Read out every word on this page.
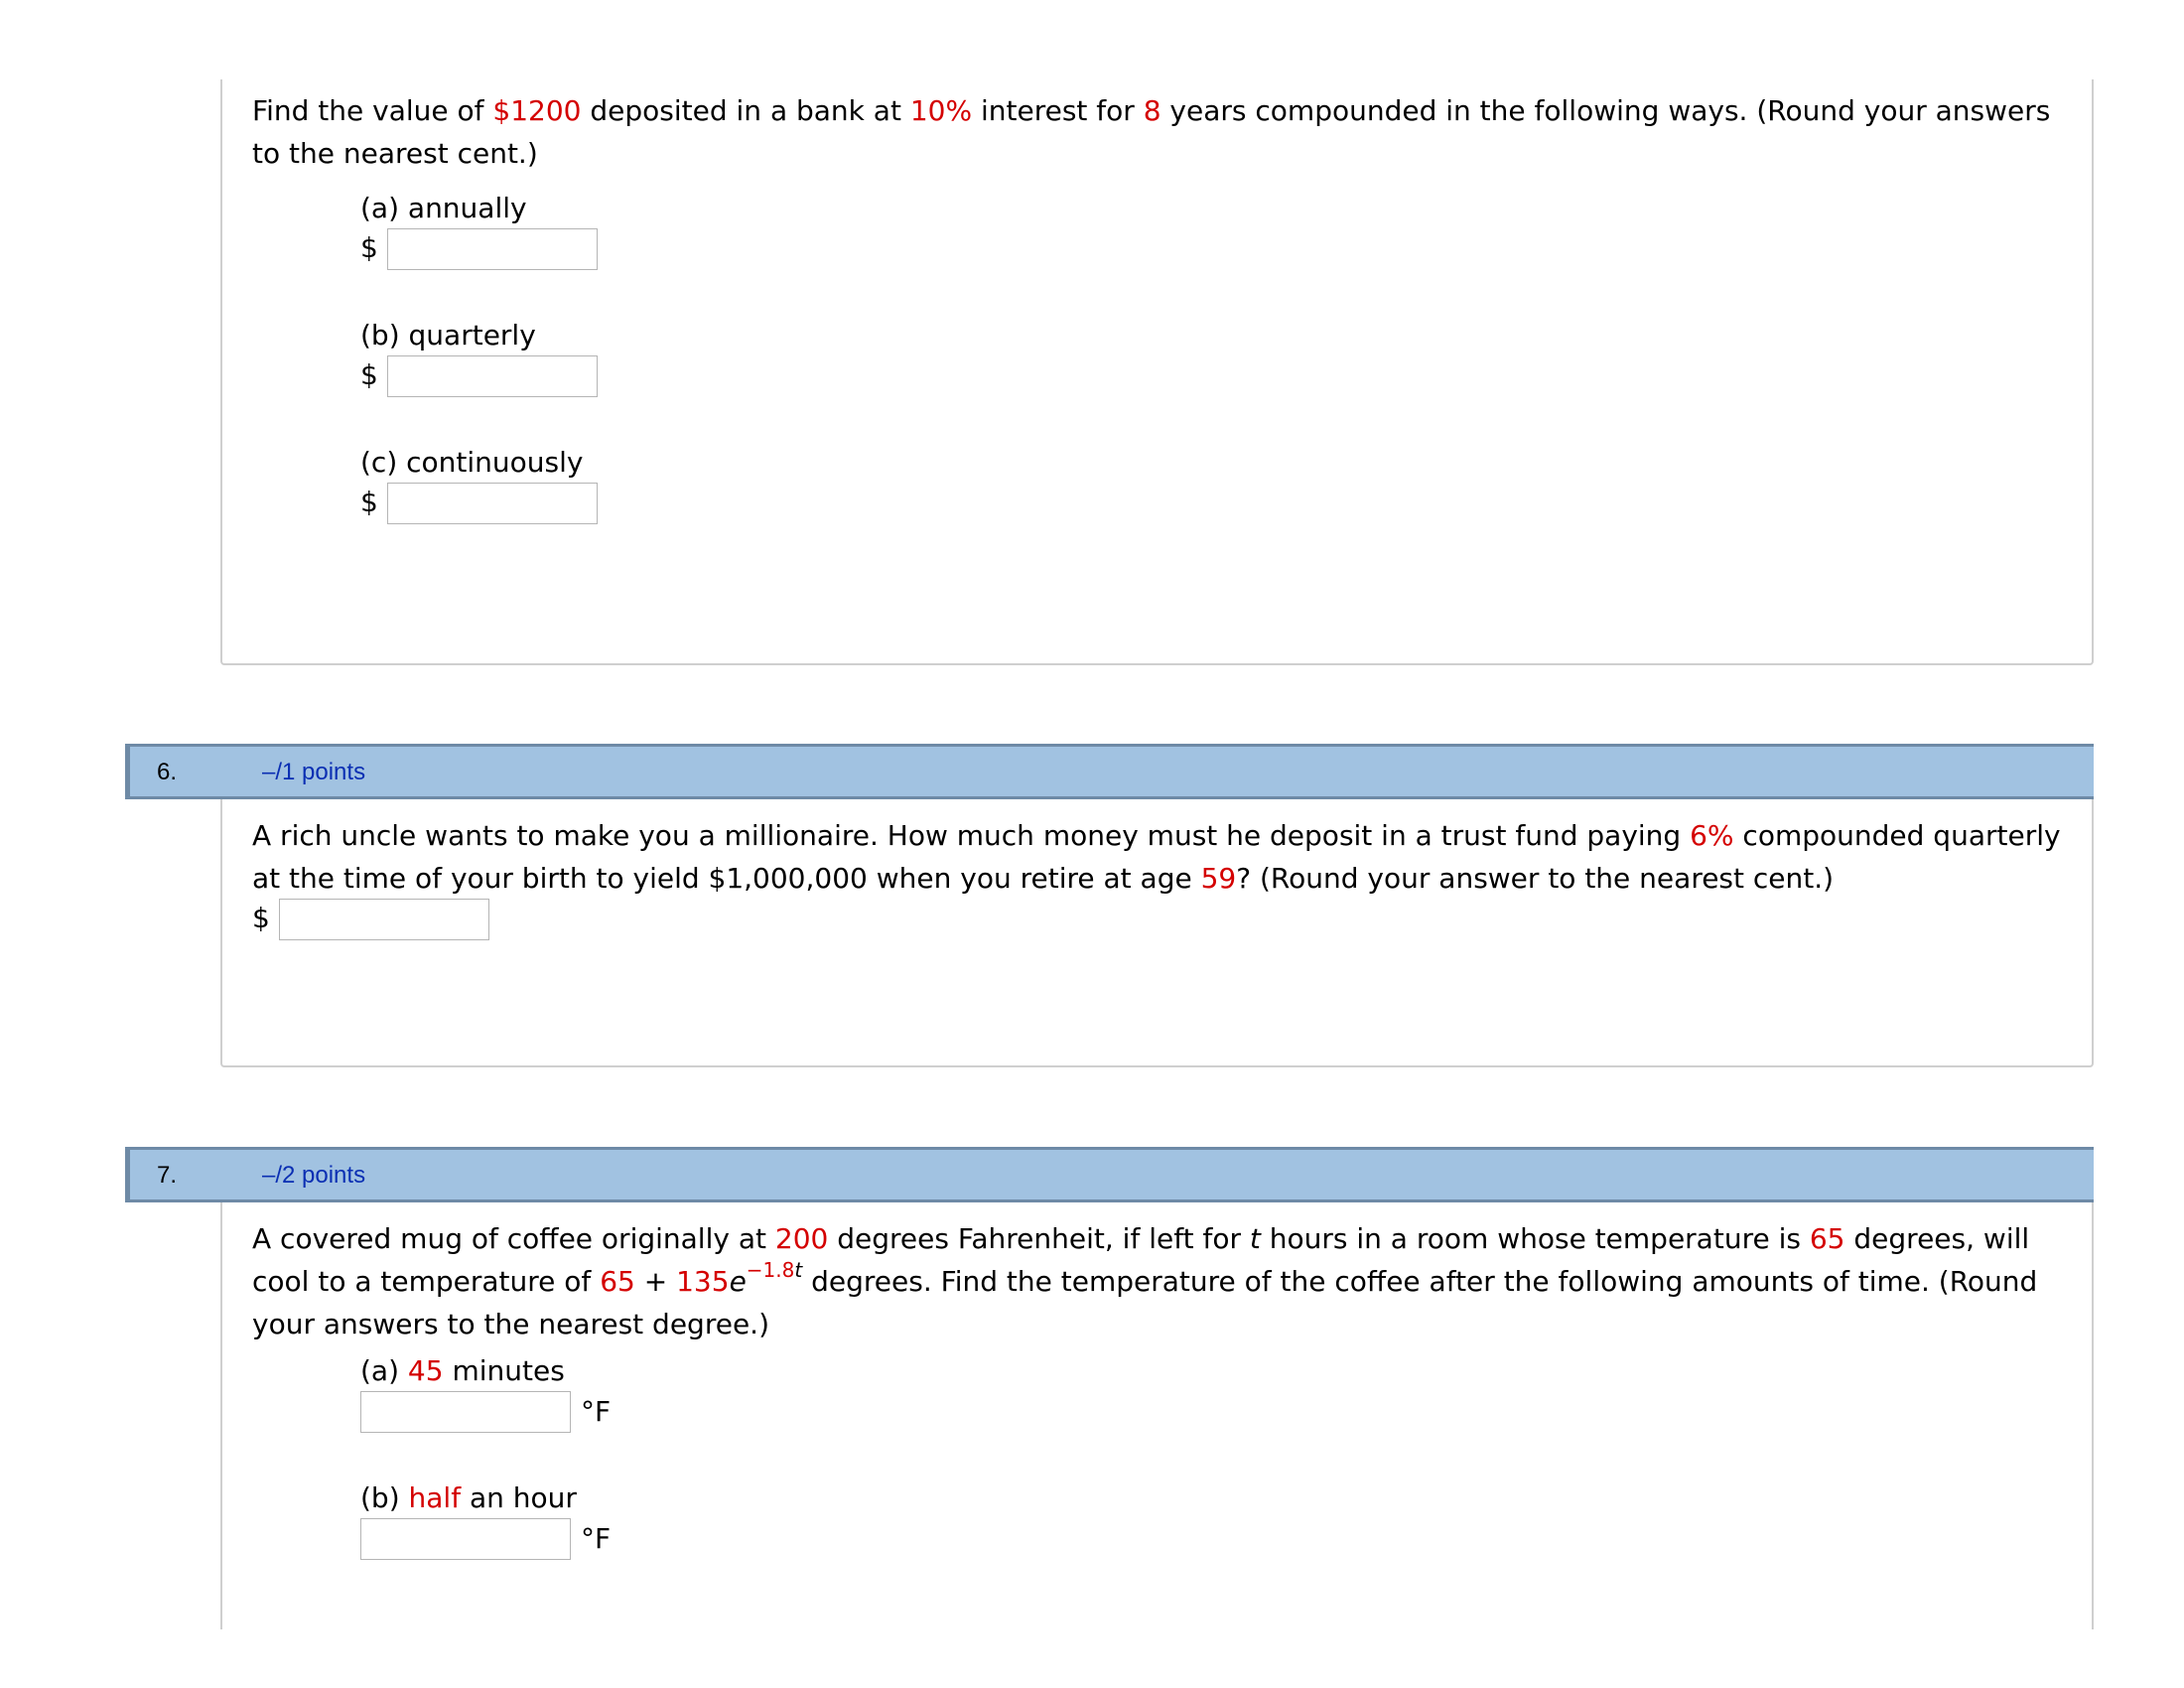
Find the value of $1200 deposited in a bank at 10% interest for 8 years compounded in the following ways. (Round your answers to the nearest cent.)
(a) annually
$
(b) quarterly
$
(c) continuously
$
6.	–/1 points
A rich uncle wants to make you a millionaire. How much money must he deposit in a trust fund paying 6% compounded quarterly at the time of your birth to yield $1,000,000 when you retire at age 59? (Round your answer to the nearest cent.)
$
7.	–/2 points
A covered mug of coffee originally at 200 degrees Fahrenheit, if left for t hours in a room whose temperature is 65 degrees, will cool to a temperature of $65 + 135e^{-1.8t}$ degrees. Find the temperature of the coffee after the following amounts of time. (Round your answers to the nearest degree.)
(a) 45 minutes
°F
(b) half an hour
°F
